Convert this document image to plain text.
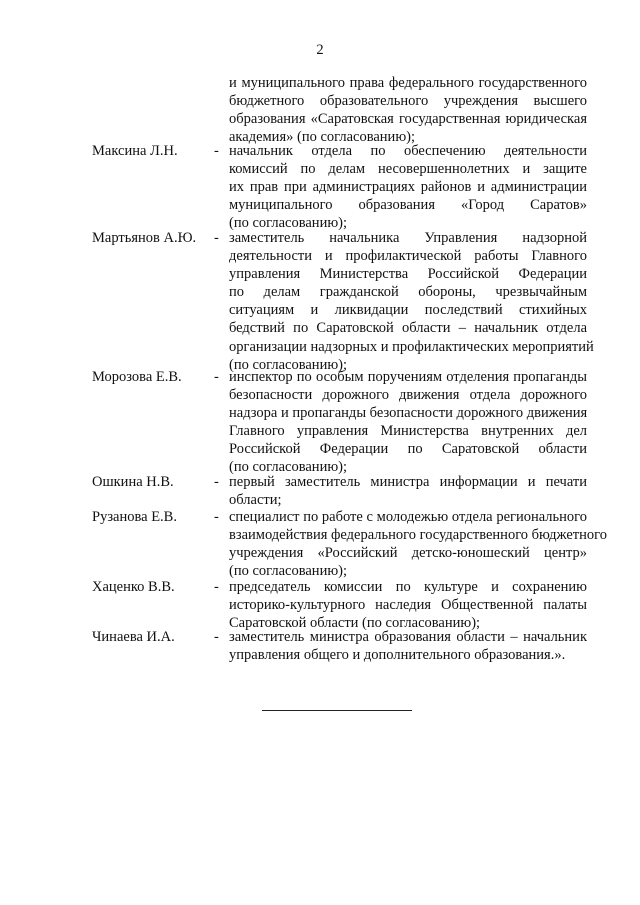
2
и муниципального права федерального государственного
бюджетного образовательного учреждения высшего
образования «Саратовская государственная юридическая
академия» (по согласованию);
Максина Л.Н.	- начальник отдела по обеспечению деятельности
комиссий по делам несовершеннолетних и защите
их прав при администрациях районов и администрации
муниципального образования «Город Саратов»
(по согласованию);
Мартьянов А.Ю. - заместитель начальника Управления надзорной
деятельности и профилактической работы Главного
управления Министерства Российской Федерации
по делам гражданской обороны, чрезвычайным
ситуациям и ликвидации последствий стихийных
бедствий по Саратовской области – начальник отдела
организации надзорных и профилактических мероприятий
(по согласованию);
Морозова Е.В. - инспектор по особым поручениям отделения пропаганды
безопасности дорожного движения отдела дорожного
надзора и пропаганды безопасности дорожного движения
Главного управления Министерства внутренних дел
Российской Федерации по Саратовской области
(по согласованию);
Ошкина Н.В.	- первый заместитель министра информации и печати
области;
Рузанова Е.В.	- специалист по работе с молодежью отдела регионального
взаимодействия федерального государственного бюджетного
учреждения «Российский детско-юношеский центр»
(по согласованию);
Хаценко В.В.	- председатель комиссии по культуре и сохранению
историко-культурного наследия Общественной палаты
Саратовской области (по согласованию);
Чинаева И.А.	- заместитель министра образования области – начальник
управления общего и дополнительного образования.».
